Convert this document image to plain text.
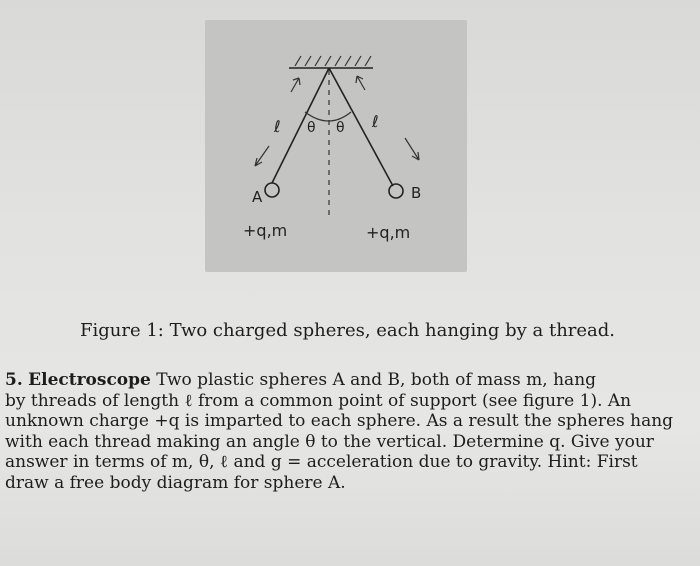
ℓ	ℓ
θ θ
A	B
+q,m	+q,m
Figure 1: Two charged spheres, each hanging by a thread.
5. Electroscope Two plastic spheres A and B, both of mass m, hang
by threads of length ℓ from a common point of support (see figure 1). An
unknown charge +q is imparted to each sphere. As a result the spheres hang
with each thread making an angle θ to the vertical. Determine q. Give your
answer in terms of m, θ, ℓ and g = acceleration due to gravity. Hint: First
draw a free body diagram for sphere A.
